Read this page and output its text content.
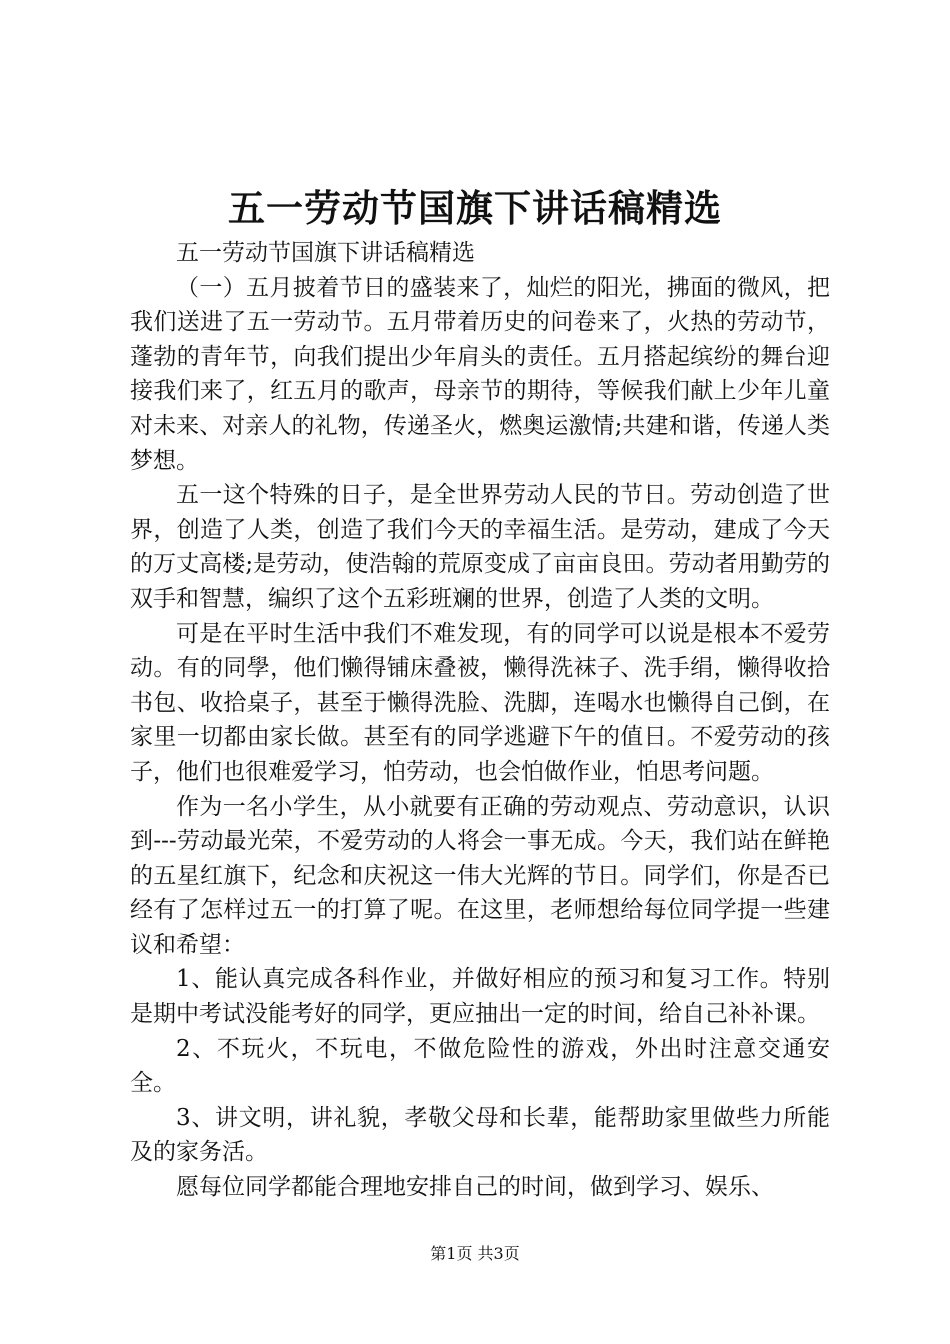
五一劳动节国旗下讲话稿精选

五一劳动节国旗下讲话稿精选

（一）五月披着节日的盛装来了，灿烂的阳光，拂面的微风，把我们送进了五一劳动节。五月带着历史的问卷来了，火热的劳动节，蓬勃的青年节，向我们提出少年肩头的责任。五月搭起缤纷的舞台迎接我们来了，红五月的歌声，母亲节的期待，等候我们献上少年儿童对未来、对亲人的礼物，传递圣火，燃奥运激情;共建和谐，传递人类梦想。

五一这个特殊的日子，是全世界劳动人民的节日。劳动创造了世界，创造了人类，创造了我们今天的幸福生活。是劳动，建成了今天的万丈高楼;是劳动，使浩翰的荒原变成了亩亩良田。劳动者用勤劳的双手和智慧，编织了这个五彩班斓的世界，创造了人类的文明。

可是在平时生活中我们不难发现，有的同学可以说是根本不爱劳动。有的同學，他们懒得铺床叠被，懒得洗袜子、洗手绢，懒得收拾书包、收拾桌子，甚至于懒得洗脸、洗脚，连喝水也懒得自己倒，在家里一切都由家长做。甚至有的同学逃避下午的值日。不爱劳动的孩子，他们也很难爱学习，怕劳动，也会怕做作业，怕思考问题。

作为一名小学生，从小就要有正确的劳动观点、劳动意识，认识到---劳动最光荣，不爱劳动的人将会一事无成。今天，我们站在鲜艳的五星红旗下，纪念和庆祝这一伟大光辉的节日。同学们，你是否已经有了怎样过五一的打算了呢。在这里，老师想给每位同学提一些建议和希望：

1、能认真完成各科作业，并做好相应的预习和复习工作。特别是期中考试没能考好的同学，更应抽出一定的时间，给自己补补课。

2、不玩火，不玩电，不做危险性的游戏，外出时注意交通安全。

3、讲文明，讲礼貌，孝敬父母和长辈，能帮助家里做些力所能及的家务活。

愿每位同学都能合理地安排自己的时间，做到学习、娱乐、

第1页 共3页
